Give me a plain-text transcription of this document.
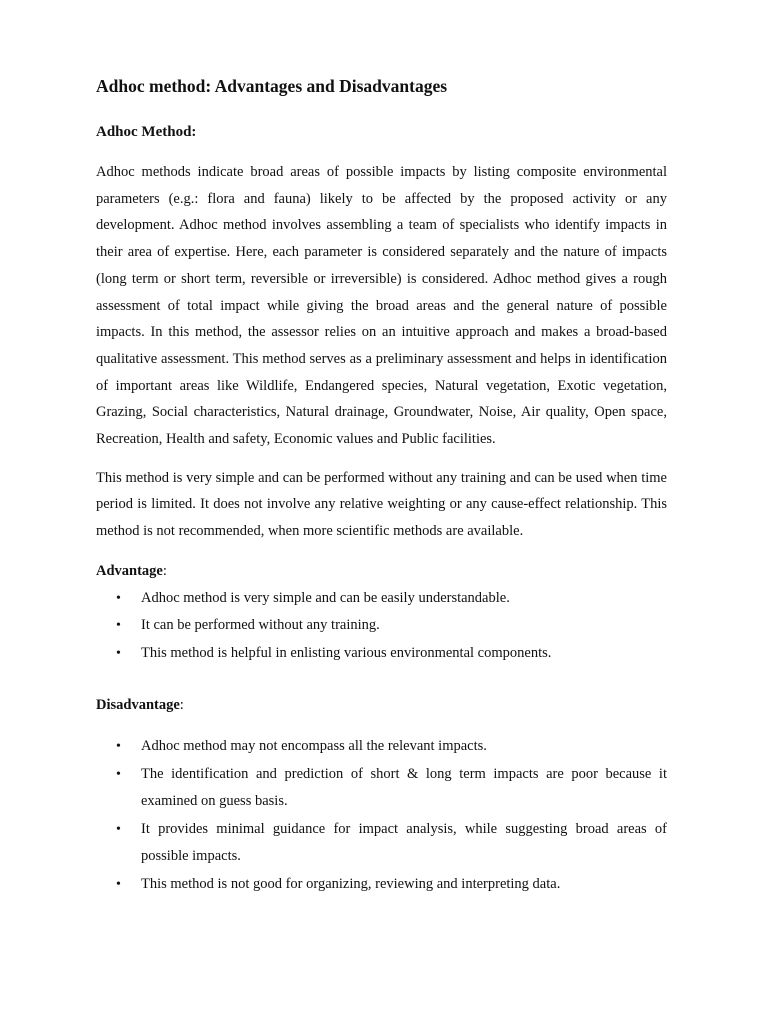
Adhoc method: Advantages and Disadvantages
Adhoc Method:

Adhoc methods indicate broad areas of possible impacts by listing composite environmental parameters (e.g.: flora and fauna) likely to be affected by the proposed activity or any development. Adhoc method involves assembling a team of specialists who identify impacts in their area of expertise. Here, each parameter is considered separately and the nature of impacts (long term or short term, reversible or irreversible) is considered. Adhoc method gives a rough assessment of total impact while giving the broad areas and the general nature of possible impacts. In this method, the assessor relies on an intuitive approach and makes a broad-based qualitative assessment. This method serves as a preliminary assessment and helps in identification of important areas like Wildlife, Endangered species, Natural vegetation, Exotic vegetation, Grazing, Social characteristics, Natural drainage, Groundwater, Noise, Air quality, Open space, Recreation, Health and safety, Economic values and Public facilities.

This method is very simple and can be performed without any training and can be used when time period is limited. It does not involve any relative weighting or any cause-effect relationship. This method is not recommended, when more scientific methods are available.

Advantage:

• Adhoc method is very simple and can be easily understandable.
• It can be performed without any training.
• This method is helpful in enlisting various environmental components.

Disadvantage:

• Adhoc method may not encompass all the relevant impacts.
• The identification and prediction of short & long term impacts are poor because it examined on guess basis.
• It provides minimal guidance for impact analysis, while suggesting broad areas of possible impacts.
• This method is not good for organizing, reviewing and interpreting data.
